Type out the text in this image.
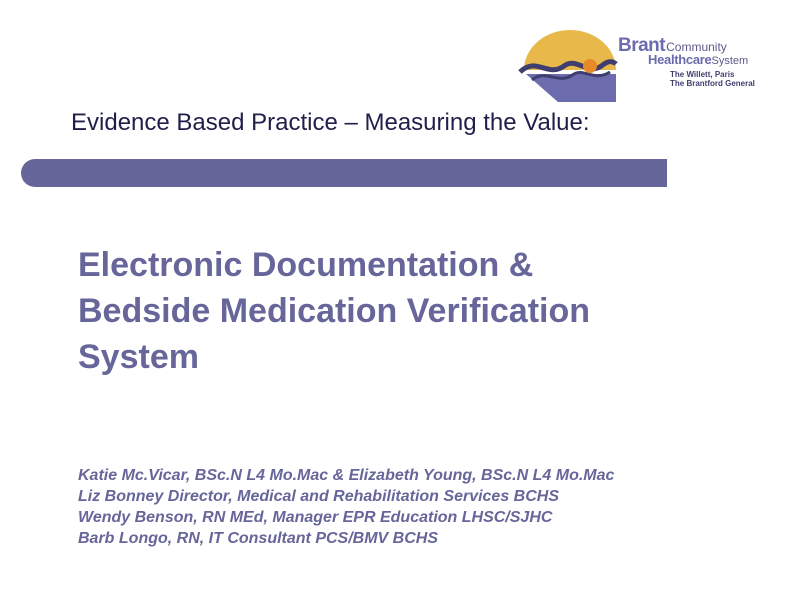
BrantCommunity
HealthcareSystem
The Willett, Paris
The Brantford General
Evidence Based Practice – Measuring the Value:
Electronic Documentation &
Bedside Medication Verification
System
Katie Mc.Vicar, BSc.N L4 Mo.Mac & Elizabeth Young, BSc.N L4 Mo.Mac
Liz Bonney Director, Medical and Rehabilitation Services BCHS
Wendy Benson, RN MEd, Manager EPR Education LHSC/SJHC
Barb Longo, RN, IT Consultant PCS/BMV BCHS
